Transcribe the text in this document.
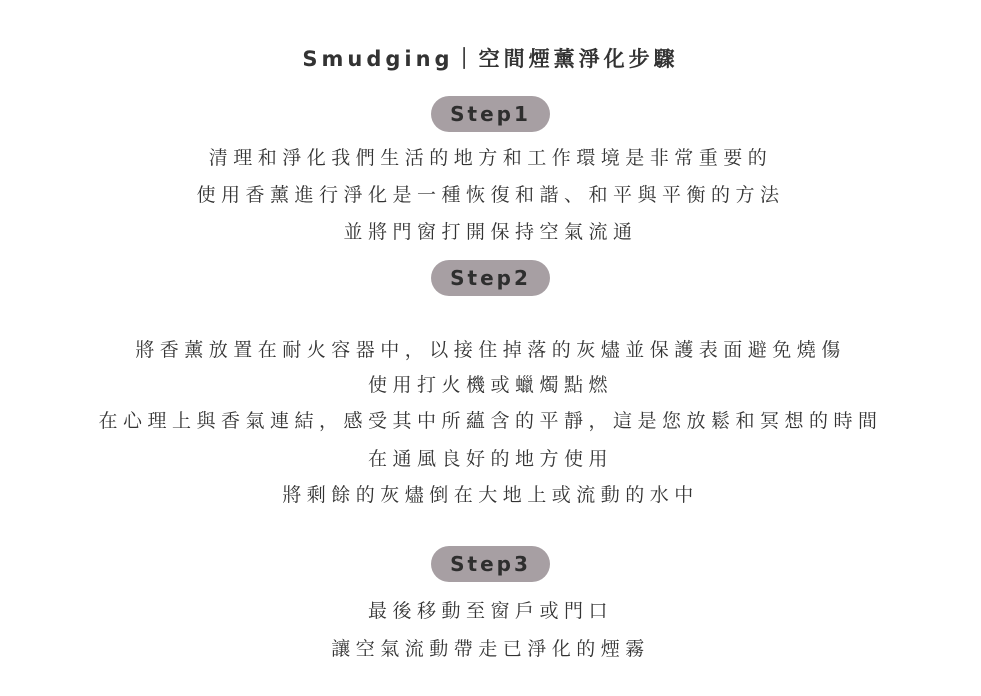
Smudging｜空間煙薰淨化步驟
Step1
清理和淨化我們生活的地方和工作環境是非常重要的
使用香薰進行淨化是一種恢復和諧、和平與平衡的方法
並將門窗打開保持空氣流通
Step2
將香薰放置在耐火容器中，以接住掉落的灰燼並保護表面避免燒傷
使用打火機或蠟燭點燃
在心理上與香氣連結，感受其中所蘊含的平靜，這是您放鬆和冥想的時間
在通風良好的地方使用
將剩餘的灰燼倒在大地上或流動的水中
Step3
最後移動至窗戶或門口
讓空氣流動帶走已淨化的煙霧
